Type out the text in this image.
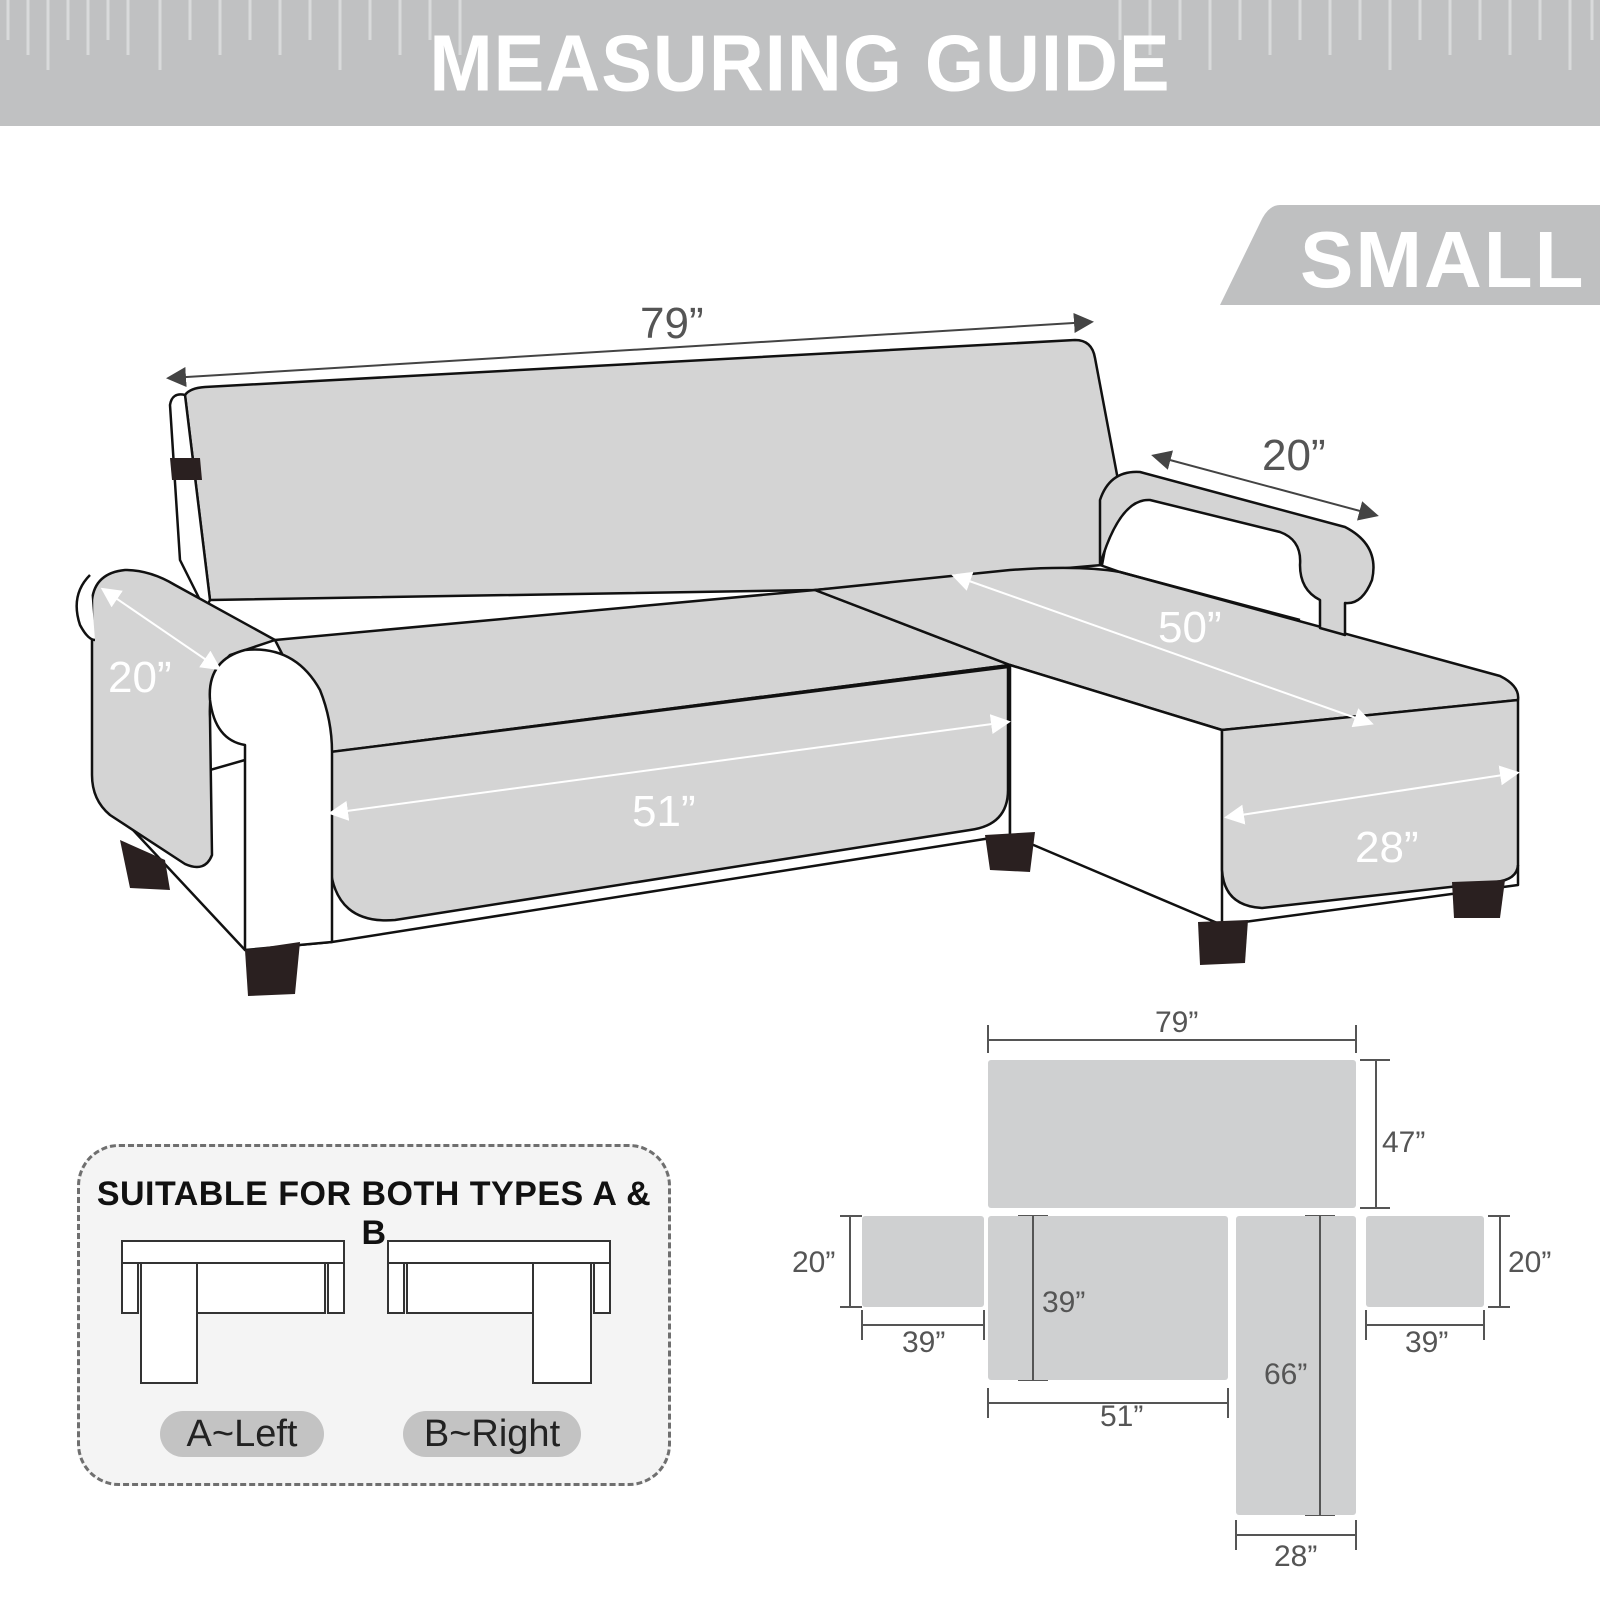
MEASURING GUIDE
SMALL
79”
20”
20”
50”
51”
28”
79”
47”
20”
39”
39”
51”
66”
28”
20”
39”
SUITABLE FOR BOTH TYPES A & B
A~Left	B~Right
